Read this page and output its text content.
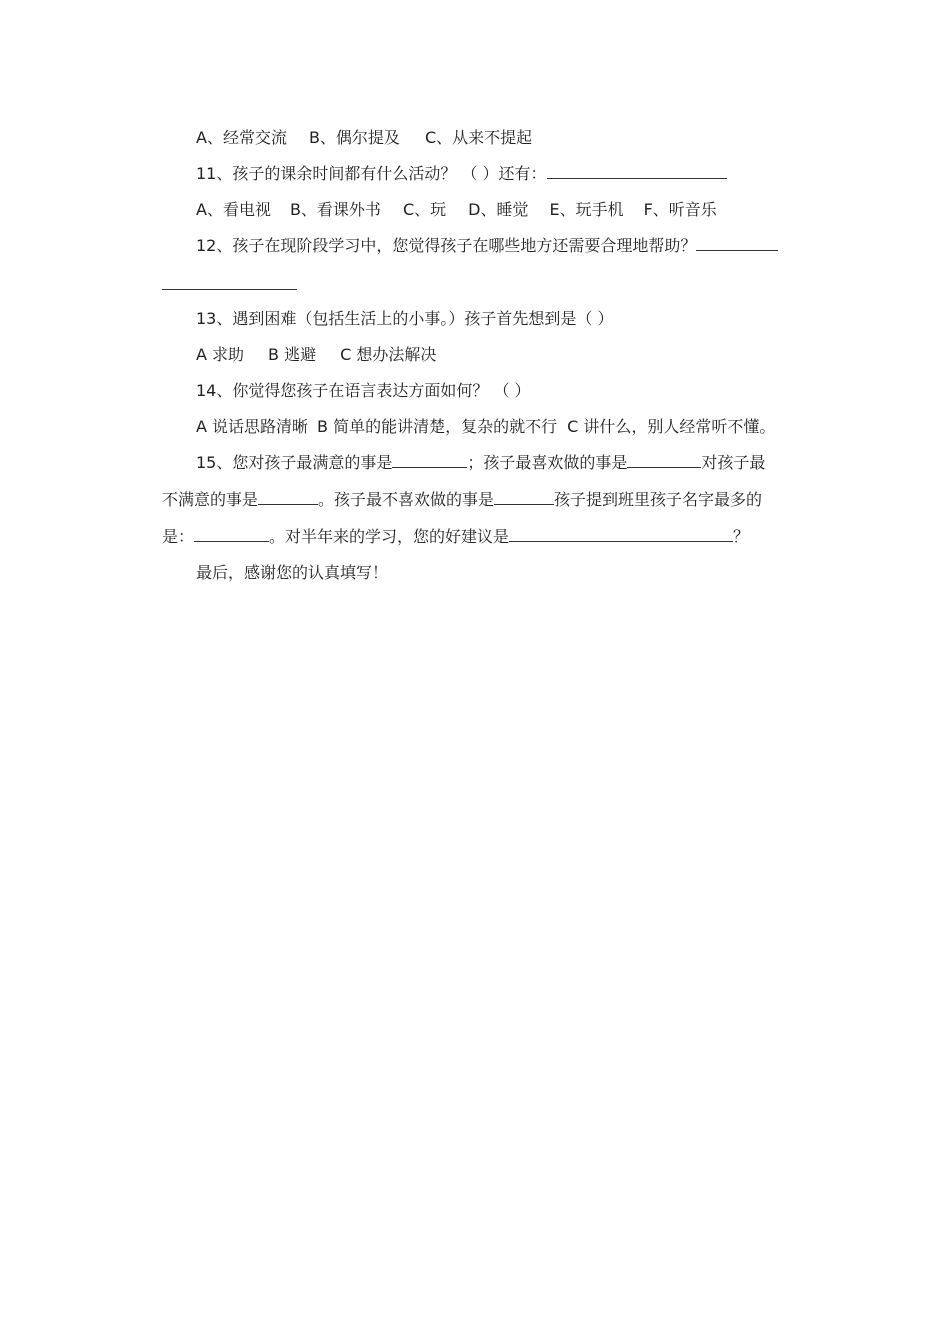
A、经常交流 B、偶尔提及 C、从来不提起
11、孩子的课余时间都有什么活动？ （ ）还有：
A、看电视 B、看课外书 C、玩 D、睡觉 E、玩手机 F、听音乐
12、孩子在现阶段学习中，您觉得孩子在哪些地方还需要合理地帮助？
13、遇到困难（包括生活上的小事。）孩子首先想到是（ ）
A 求助 B 逃避 C 想办法解决
14、你觉得您孩子在语言表达方面如何？ （ ）
A 说话思路清晰 B 简单的能讲清楚，复杂的就不行 C 讲什么，别人经常听不懂。
15、您对孩子最满意的事是	；孩子最喜欢做的事是	对孩子最
不满意的事是	。孩子最不喜欢做的事是	孩子提到班里孩子名字最多的
是：	。对半年来的学习，您的好建议是	？
最后，感谢您的认真填写！
